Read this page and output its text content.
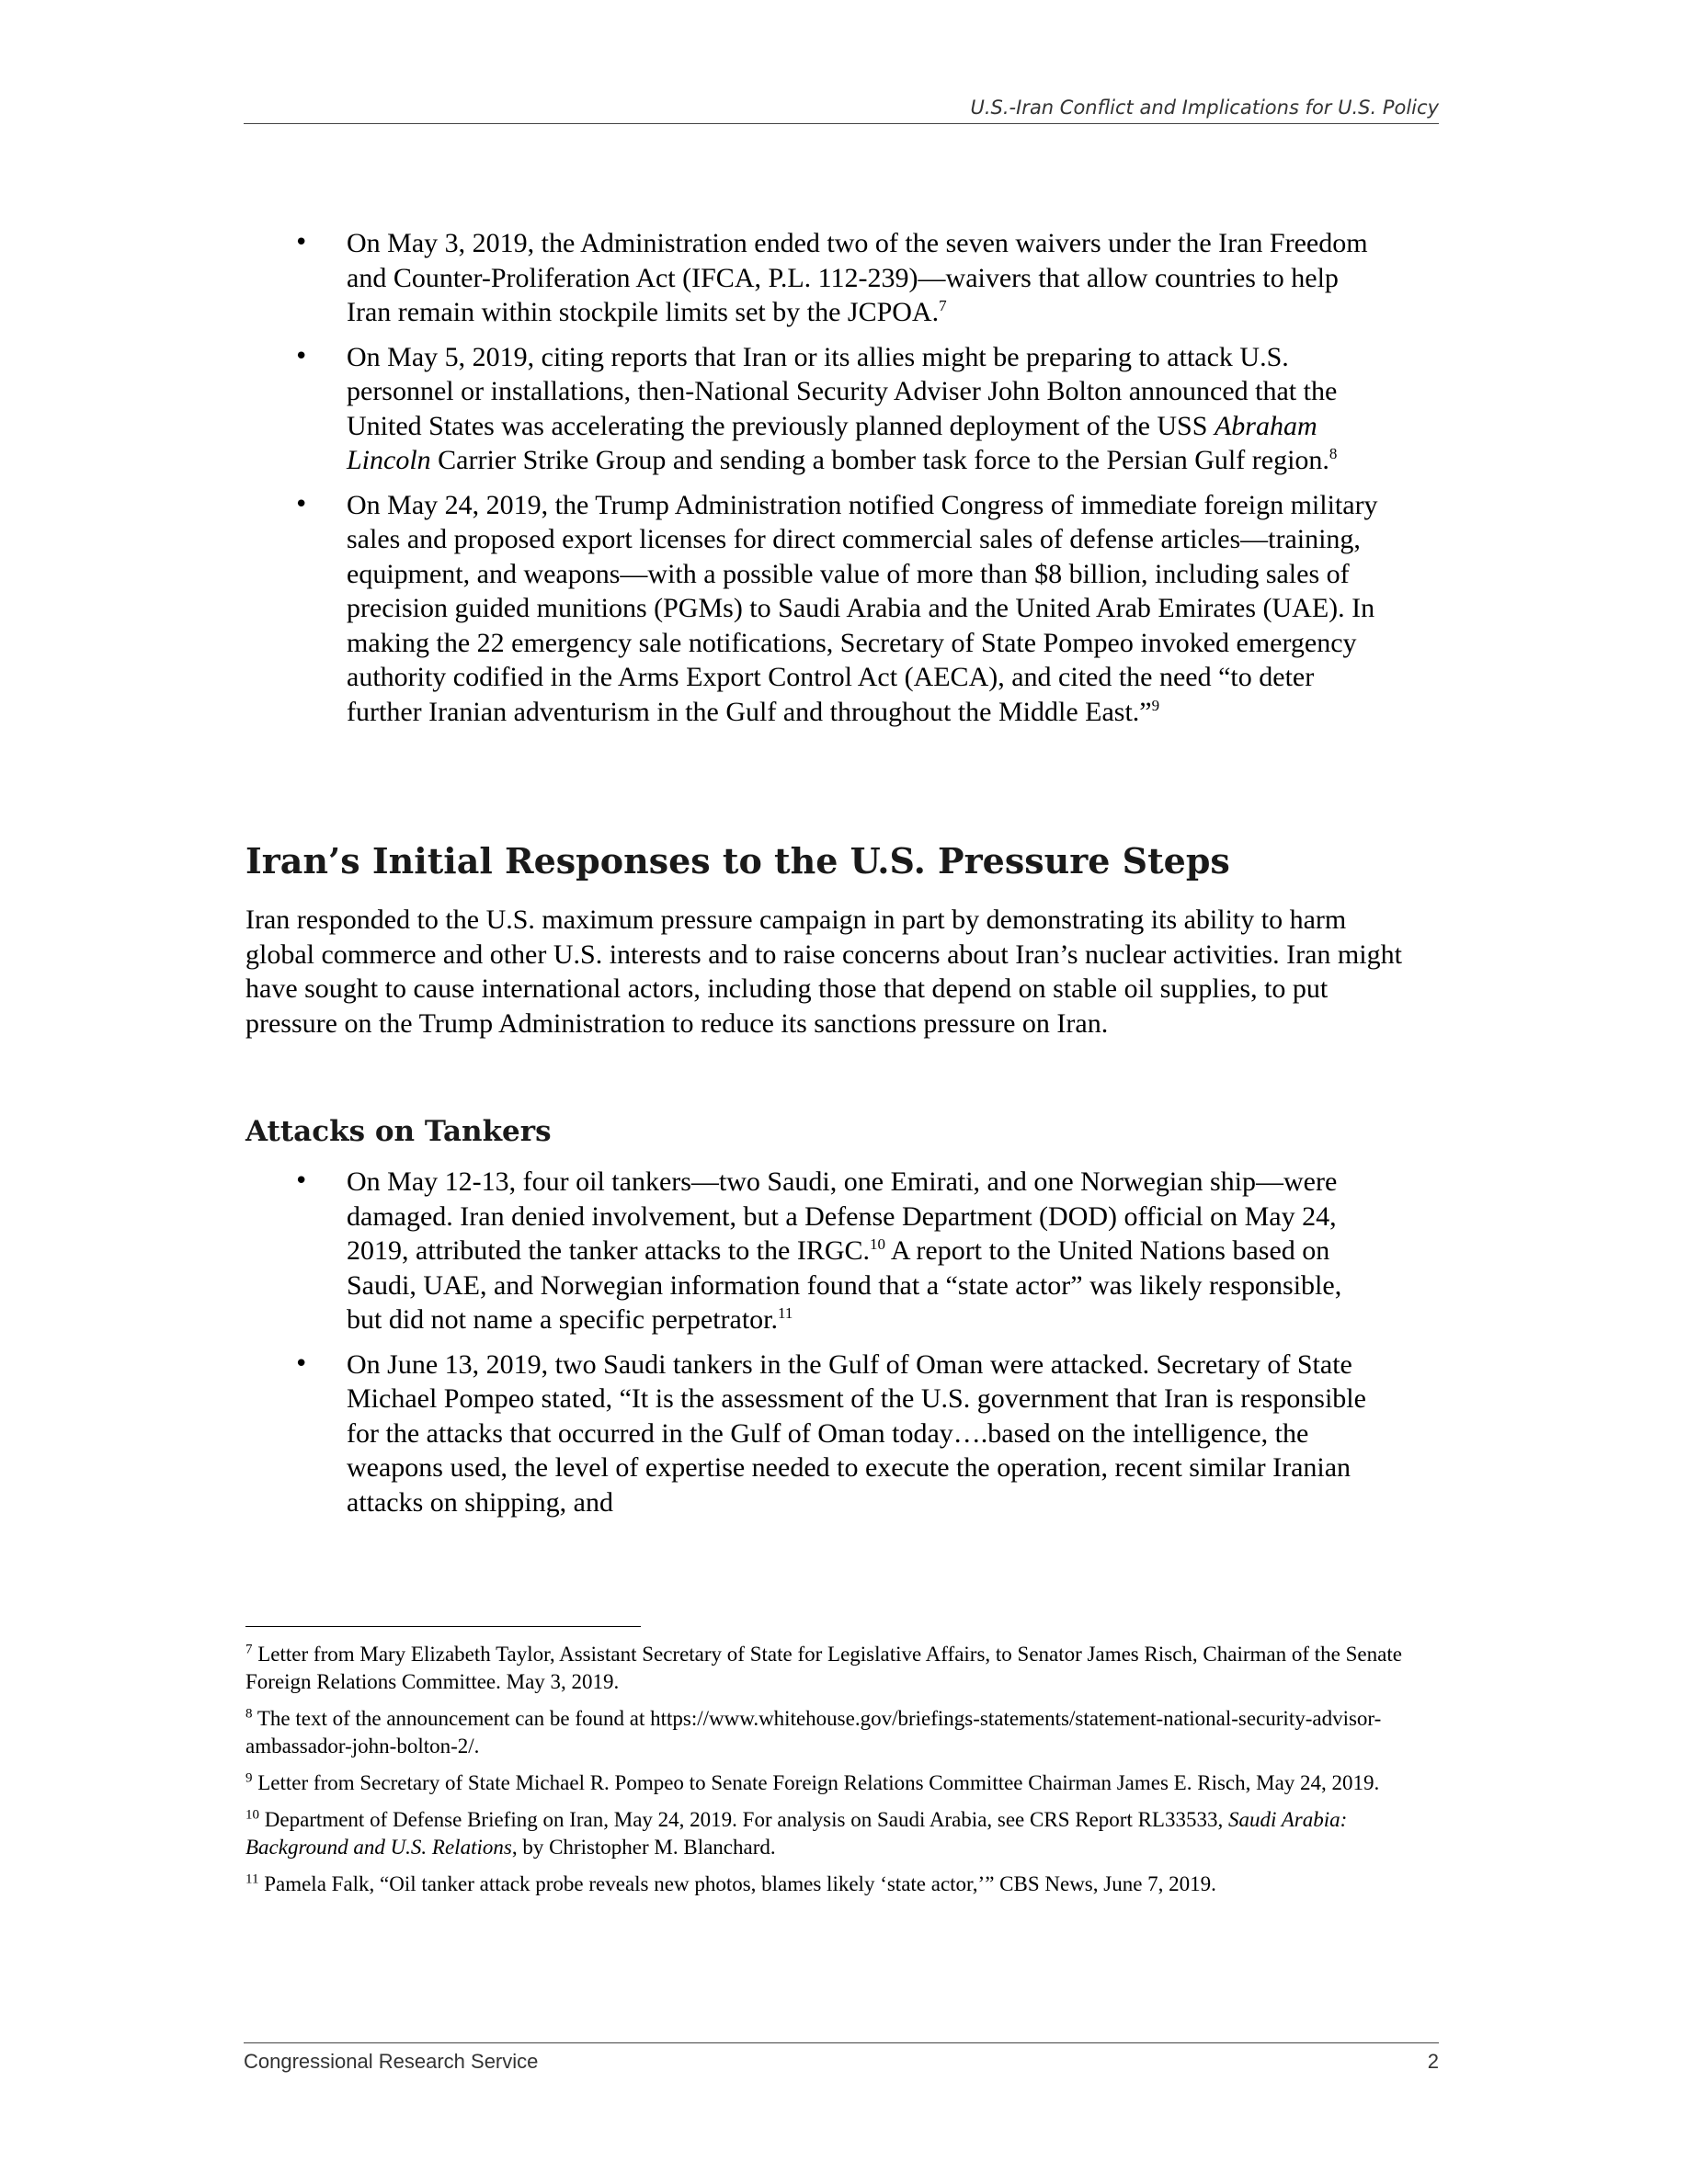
U.S.-Iran Conflict and Implications for U.S. Policy
• On May 3, 2019, the Administration ended two of the seven waivers under the Iran Freedom and Counter-Proliferation Act (IFCA, P.L. 112-239)—waivers that allow countries to help Iran remain within stockpile limits set by the JCPOA.$^7$
• On May 5, 2019, citing reports that Iran or its allies might be preparing to attack U.S. personnel or installations, then-National Security Adviser John Bolton announced that the United States was accelerating the previously planned deployment of the USS Abraham Lincoln Carrier Strike Group and sending a bomber task force to the Persian Gulf region.$^8$
• On May 24, 2019, the Trump Administration notified Congress of immediate foreign military sales and proposed export licenses for direct commercial sales of defense articles—training, equipment, and weapons—with a possible value of more than $8 billion, including sales of precision guided munitions (PGMs) to Saudi Arabia and the United Arab Emirates (UAE). In making the 22 emergency sale notifications, Secretary of State Pompeo invoked emergency authority codified in the Arms Export Control Act (AECA), and cited the need “to deter further Iranian adventurism in the Gulf and throughout the Middle East.”$^9$
Iran’s Initial Responses to the U.S. Pressure Steps

Iran responded to the U.S. maximum pressure campaign in part by demonstrating its ability to harm global commerce and other U.S. interests and to raise concerns about Iran’s nuclear activities. Iran might have sought to cause international actors, including those that depend on stable oil supplies, to put pressure on the Trump Administration to reduce its sanctions pressure on Iran.

Attacks on Tankers
• On May 12-13, four oil tankers—two Saudi, one Emirati, and one Norwegian ship—were damaged. Iran denied involvement, but a Defense Department (DOD) official on May 24, 2019, attributed the tanker attacks to the IRGC.$^{10}$ A report to the United Nations based on Saudi, UAE, and Norwegian information found that a “state actor” was likely responsible, but did not name a specific perpetrator.$^{11}$
• On June 13, 2019, two Saudi tankers in the Gulf of Oman were attacked. Secretary of State Michael Pompeo stated, “It is the assessment of the U.S. government that Iran is responsible for the attacks that occurred in the Gulf of Oman today….based on the intelligence, the weapons used, the level of expertise needed to execute the operation, recent similar Iranian attacks on shipping, and
$^7$ Letter from Mary Elizabeth Taylor, Assistant Secretary of State for Legislative Affairs, to Senator James Risch, Chairman of the Senate Foreign Relations Committee. May 3, 2019.
$^8$ The text of the announcement can be found at https://www.whitehouse.gov/briefings-statements/statement-national-security-advisor-ambassador-john-bolton-2/.
$^9$ Letter from Secretary of State Michael R. Pompeo to Senate Foreign Relations Committee Chairman James E. Risch, May 24, 2019.
$^{10}$ Department of Defense Briefing on Iran, May 24, 2019. For analysis on Saudi Arabia, see CRS Report RL33533, Saudi Arabia: Background and U.S. Relations, by Christopher M. Blanchard.
$^{11}$ Pamela Falk, “Oil tanker attack probe reveals new photos, blames likely ‘state actor,’” CBS News, June 7, 2019.
Congressional Research Service	2
